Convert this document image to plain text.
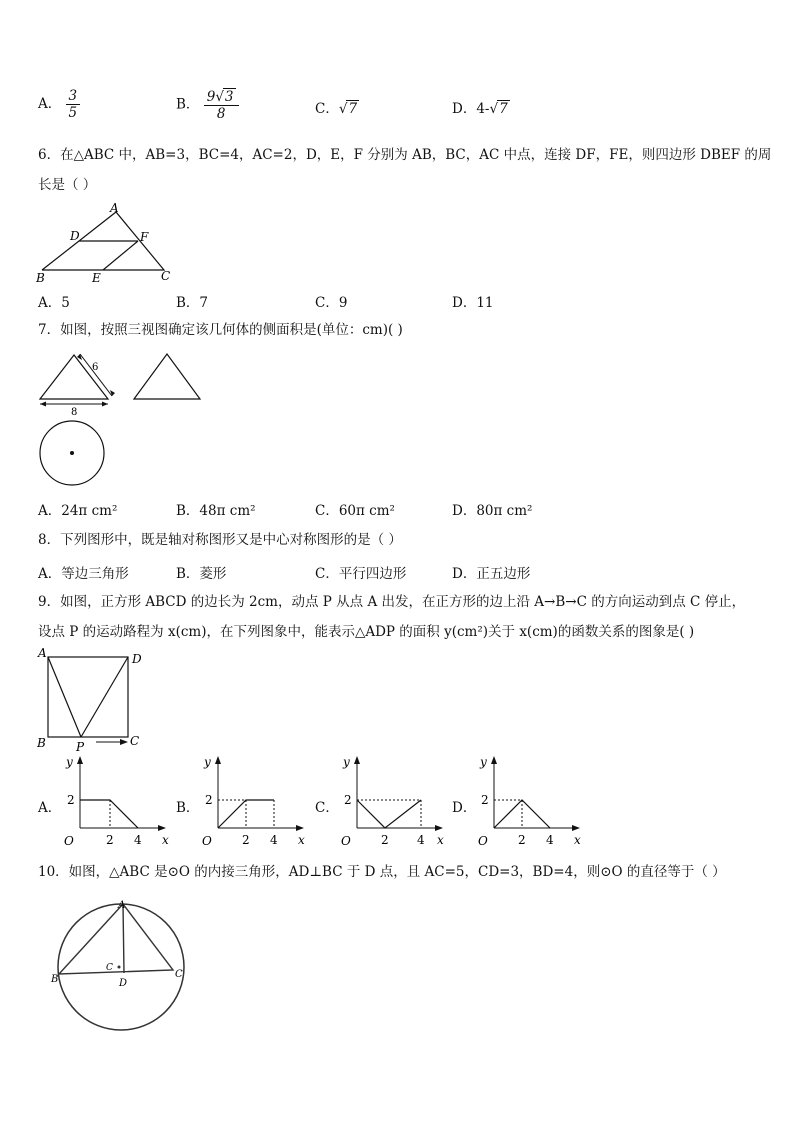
A． $\frac{3}{5}$	B． $\frac{9√3}{8}$	C．√7	D．4-√7
6．在△ABC 中，AB=3，BC=4，AC=2，D，E，F 分别为 AB，BC，AC 中点，连接 DF，FE，则四边形 DBEF 的周
长是（ ）
A
D	F
B	E	C
A．5	B．7	C．9	D．11
7．如图，按照三视图确定该几何体的侧面积是(单位：cm)( )
6
8
A．24π cm²	B．48π cm²	C．60π cm²	D．80π cm²
8．下列图形中，既是轴对称图形又是中心对称图形的是（ ）
A．等边三角形	B．菱形	C．平行四边形	D．正五边形
9．如图，正方形 ABCD 的边长为 2cm，动点 P 从点 A 出发，在正方形的边上沿 A→B→C 的方向运动到点 C 停止，
设点 P 的运动路程为 x(cm)，在下列图象中，能表示△ADP 的面积 y(cm²)关于 x(cm)的函数关系的图象是( )
A	D
B	C
P
A．
y
x
O
2
2 4
B．
y
x
O
2
2 4
C．
y
x
O
2
2 4
D．
y
x
O
2
2 4
10．如图，△ABC 是⊙O 的内接三角形，AD⊥BC 于 D 点，且 AC=5，CD=3，BD=4，则⊙O 的直径等于（ ）
A
B	C
D
C
